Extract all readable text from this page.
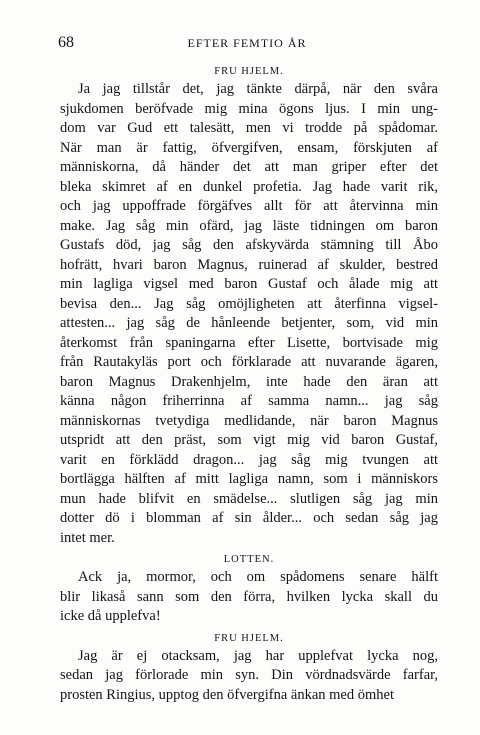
68	EFTER FEMTIO ÅR

FRU HJELM.

Ja jag tillstår det, jag tänkte därpå, när den svåra

sjukdomen beröfvade mig mina ögons ljus. I min ung-

dom var Gud ett talesätt, men vi trodde på spådomar.

När man är fattig, öfvergifven, ensam, förskjuten af

människorna, då händer det att man griper efter det

bleka skimret af en dunkel profetia. Jag hade varit rik,

och jag uppoffrade förgäfves allt för att återvinna min

make. Jag såg min ofärd, jag läste tidningen om baron

Gustafs död, jag såg den afskyvärda stämning till Åbo

hofrätt, hvari baron Magnus, ruinerad af skulder, bestred

min lagliga vigsel med baron Gustaf och ålade mig att

bevisa den... Jag såg omöjligheten att återfinna vigsel-

attesten... jag såg de hånleende betjenter, som, vid min

återkomst från spaningarna efter Lisette, bortvisade mig

från Rautakyläs port och förklarade att nuvarande ägaren,

baron Magnus Drakenhjelm, inte hade den äran att

känna någon friherrinna af samma namn... jag såg

människornas tvetydiga medlidande, när baron Magnus

utspridt att den präst, som vigt mig vid baron Gustaf,

varit en förklädd dragon... jag såg mig tvungen att

bortlägga hälften af mitt lagliga namn, som i människors

mun hade blifvit en smädelse... slutligen såg jag min

dotter dö i blomman af sin ålder... och sedan såg jag

intet mer.

LOTTEN.

Ack ja, mormor, och om spådomens senare hälft

blir likaså sann som den förra, hvilken lycka skall du

icke då upplefva!

FRU HJELM.

Jag är ej otacksam, jag har upplefvat lycka nog,

sedan jag förlorade min syn. Din vördnadsvärde farfar,

prosten Ringius, upptog den öfvergifna änkan med ömhet
